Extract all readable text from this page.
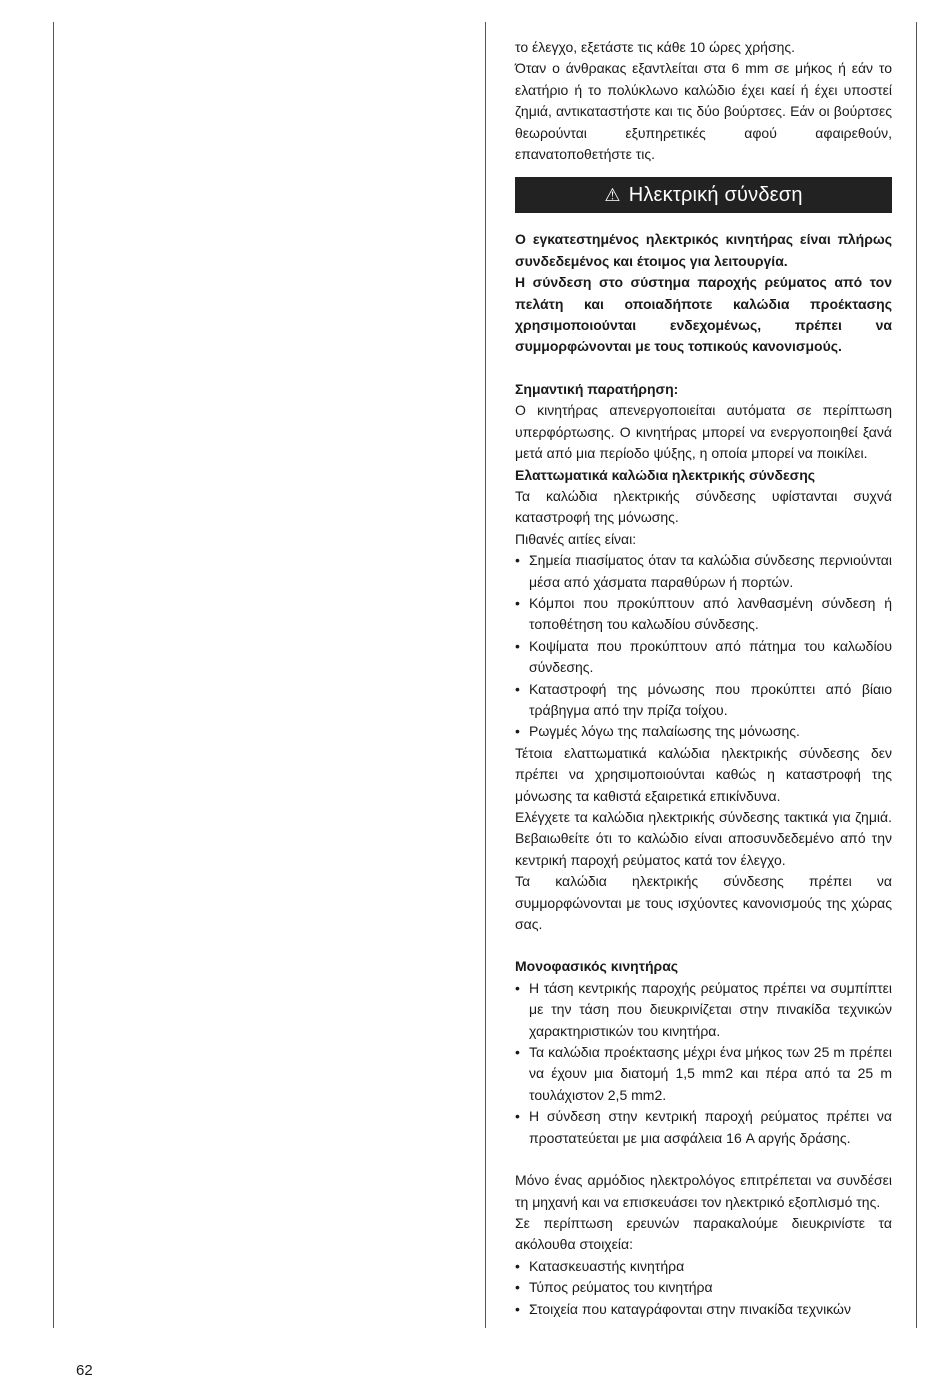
το έλεγχο, εξετάστε τις κάθε 10 ώρες χρήσης.

Όταν ο άνθρακας εξαντλείται στα 6 mm σε μήκος ή εάν το ελατήριο ή το πολύκλωνο καλώδιο έχει καεί ή έχει υποστεί ζημιά, αντικαταστήστε και τις δύο βούρτσες. Εάν οι βούρτσες θεωρούνται εξυπηρετικές αφού αφαιρεθούν, επανατοποθετήστε τις.

⚠ Ηλεκτρική σύνδεση

Ο εγκατεστημένος ηλεκτρικός κινητήρας είναι πλήρως συνδεδεμένος και έτοιμος για λειτουργία.

Η σύνδεση στο σύστημα παροχής ρεύματος από τον πελάτη και οποιαδήποτε καλώδια προέκτασης χρησιμοποιούνται ενδεχομένως, πρέπει να συμμορφώνονται με τους τοπικούς κανονισμούς.

Σημαντική παρατήρηση:

Ο κινητήρας απενεργοποιείται αυτόματα σε περίπτωση υπερφόρτωσης. Ο κινητήρας μπορεί να ενεργοποιηθεί ξανά μετά από μια περίοδο ψύξης, η οποία μπορεί να ποικίλει.

Ελαττωματικά καλώδια ηλεκτρικής σύνδεσης

Τα καλώδια ηλεκτρικής σύνδεσης υφίστανται συχνά καταστροφή της μόνωσης.

Πιθανές αιτίες είναι:

• Σημεία πιασίματος όταν τα καλώδια σύνδεσης περνιούνται μέσα από χάσματα παραθύρων ή πορτών.
• Κόμποι που προκύπτουν από λανθασμένη σύνδεση ή τοποθέτηση του καλωδίου σύνδεσης.
• Κοψίματα που προκύπτουν από πάτημα του καλωδίου σύνδεσης.
• Καταστροφή της μόνωσης που προκύπτει από βίαιο τράβηγμα από την πρίζα τοίχου.
• Ρωγμές λόγω της παλαίωσης της μόνωσης.

Τέτοια ελαττωματικά καλώδια ηλεκτρικής σύνδεσης δεν πρέπει να χρησιμοποιούνται καθώς η καταστροφή της μόνωσης τα καθιστά εξαιρετικά επικίνδυνα.

Ελέγχετε τα καλώδια ηλεκτρικής σύνδεσης τακτικά για ζημιά. Βεβαιωθείτε ότι το καλώδιο είναι αποσυνδεδεμένο από την κεντρική παροχή ρεύματος κατά τον έλεγχο.

Τα καλώδια ηλεκτρικής σύνδεσης πρέπει να συμμορφώνονται με τους ισχύοντες κανονισμούς της χώρας σας.

Μονοφασικός κινητήρας

• Η τάση κεντρικής παροχής ρεύματος πρέπει να συμπίπτει με την τάση που διευκρινίζεται στην πινακίδα τεχνικών χαρακτηριστικών του κινητήρα.
• Τα καλώδια προέκτασης μέχρι ένα μήκος των 25 m πρέπει να έχουν μια διατομή 1,5 mm2 και πέρα από τα 25 m τουλάχιστον 2,5 mm2.
• Η σύνδεση στην κεντρική παροχή ρεύματος πρέπει να προστατεύεται με μια ασφάλεια 16 A αργής δράσης.

Μόνο ένας αρμόδιος ηλεκτρολόγος επιτρέπεται να συνδέσει τη μηχανή και να επισκευάσει τον ηλεκτρικό εξοπλισμό της.

Σε περίπτωση ερευνών παρακαλούμε διευκρινίστε τα ακόλουθα στοιχεία:

• Κατασκευαστής κινητήρα
• Τύπος ρεύματος του κινητήρα
• Στοιχεία που καταγράφονται στην πινακίδα τεχνικών
62
